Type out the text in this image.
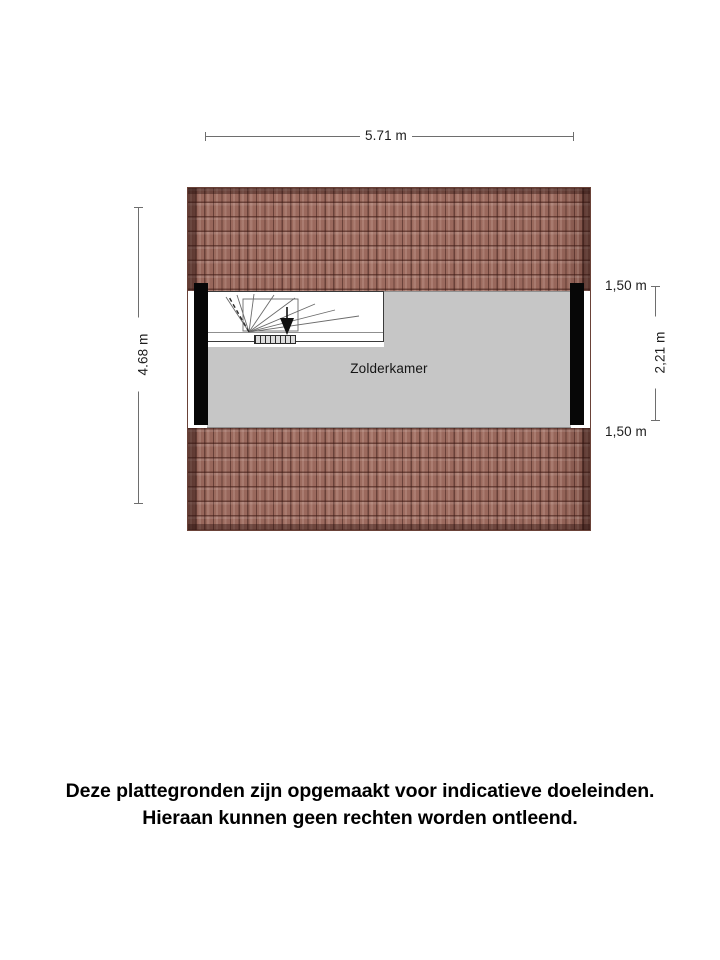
5.71 m
4.68 m
1,50 m
2,21 m
1,50 m
Zolderkamer
Deze plattegronden zijn opgemaakt voor indicatieve doeleinden.
Hieraan kunnen geen rechten worden ontleend.
